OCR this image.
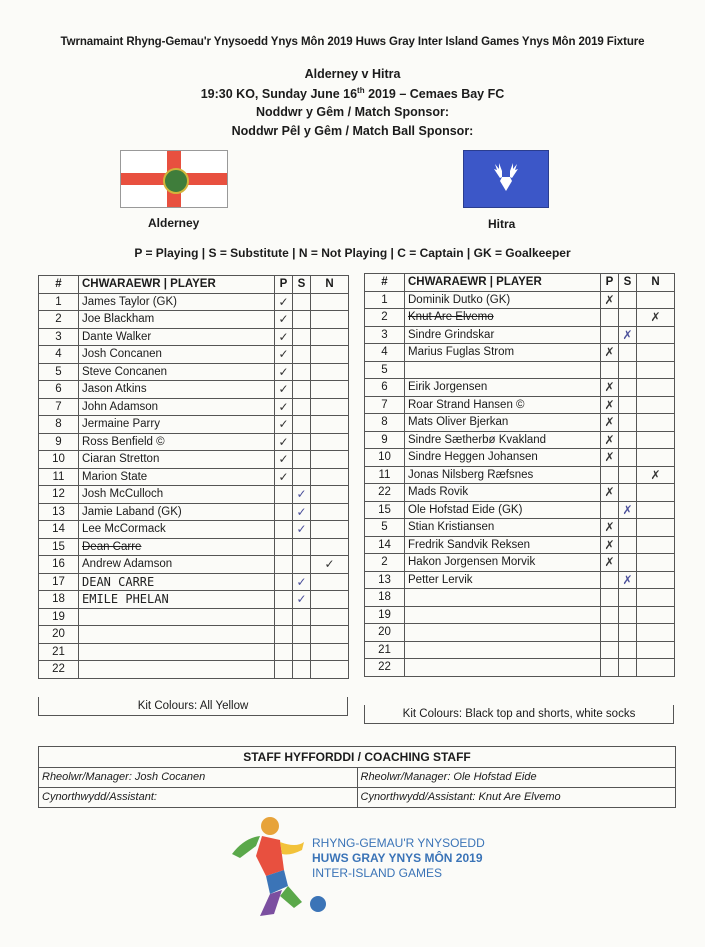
Twrnamaint Rhyng-Gemau'r Ynysoedd Ynys Môn 2019 Huws Gray Inter Island Games Ynys Môn 2019 Fixture
Alderney v Hitra
19:30 KO, Sunday June 16th 2019 – Cemaes Bay FC
Noddwr y Gêm / Match Sponsor:
Noddwr Pêl y Gêm / Match Ball Sponsor:
Alderney	Hitra
P = Playing | S = Substitute | N = Not Playing | C = Captain | GK = Goalkeeper
#	CHWARAEWR | PLAYER	P	S	N
1	James Taylor (GK)	✓		
2	Joe Blackham	✓		
3	Dante Walker	✓		
4	Josh Concanen	✓		
5	Steve Concanen	✓		
6	Jason Atkins	✓		
7	John Adamson	✓		
8	Jermaine Parry	✓		
9	Ross Benfield ©	✓		
10	Ciaran Stretton	✓		
11	Marion State	✓		
12	Josh McCulloch		✓	
13	Jamie Laband (GK)		✓	
14	Lee McCormack		✓	
15	Dean Carre			
16	Andrew Adamson			✓
17	DEAN CARRE		✓	
18	EMILE PHELAN		✓	
19				
20				
21				
22				
Kit Colours: All Yellow
#	CHWARAEWR | PLAYER	P	S	N
1	Dominik Dutko (GK)	✗		
2	Knut Are Elvemo			✗
3	Sindre Grindskar		✗	
4	Marius Fuglas Strom	✗		
5				
6	Eirik Jorgensen	✗		
7	Roar Strand Hansen ©	✗		
8	Mats Oliver Bjerkan	✗		
9	Sindre Sætherbø Kvakland	✗		
10	Sindre Heggen Johansen	✗		
11	Jonas Nilsberg Ræfsnes			✗
22	Mads Rovik	✗		
15	Ole Hofstad Eide (GK)		✗	
5	Stian Kristiansen	✗		
14	Fredrik Sandvik Reksen	✗		
2	Hakon Jorgensen Morvik	✗		
13	Petter Lervik		✗	
18				
19				
20				
21				
22				
Kit Colours: Black top and shorts, white socks
STAFF HYFFORDDI / COACHING STAFF
Rheolwr/Manager: Josh Cocanen	Rheolwr/Manager: Ole Hofstad Eide
Cynorthwydd/Assistant:	Cynorthwydd/Assistant: Knut Are Elvemo
RHYNG-GEMAU'R YNYSOEDD
HUWS GRAY YNYS MÔN 2019
INTER-ISLAND GAMES
